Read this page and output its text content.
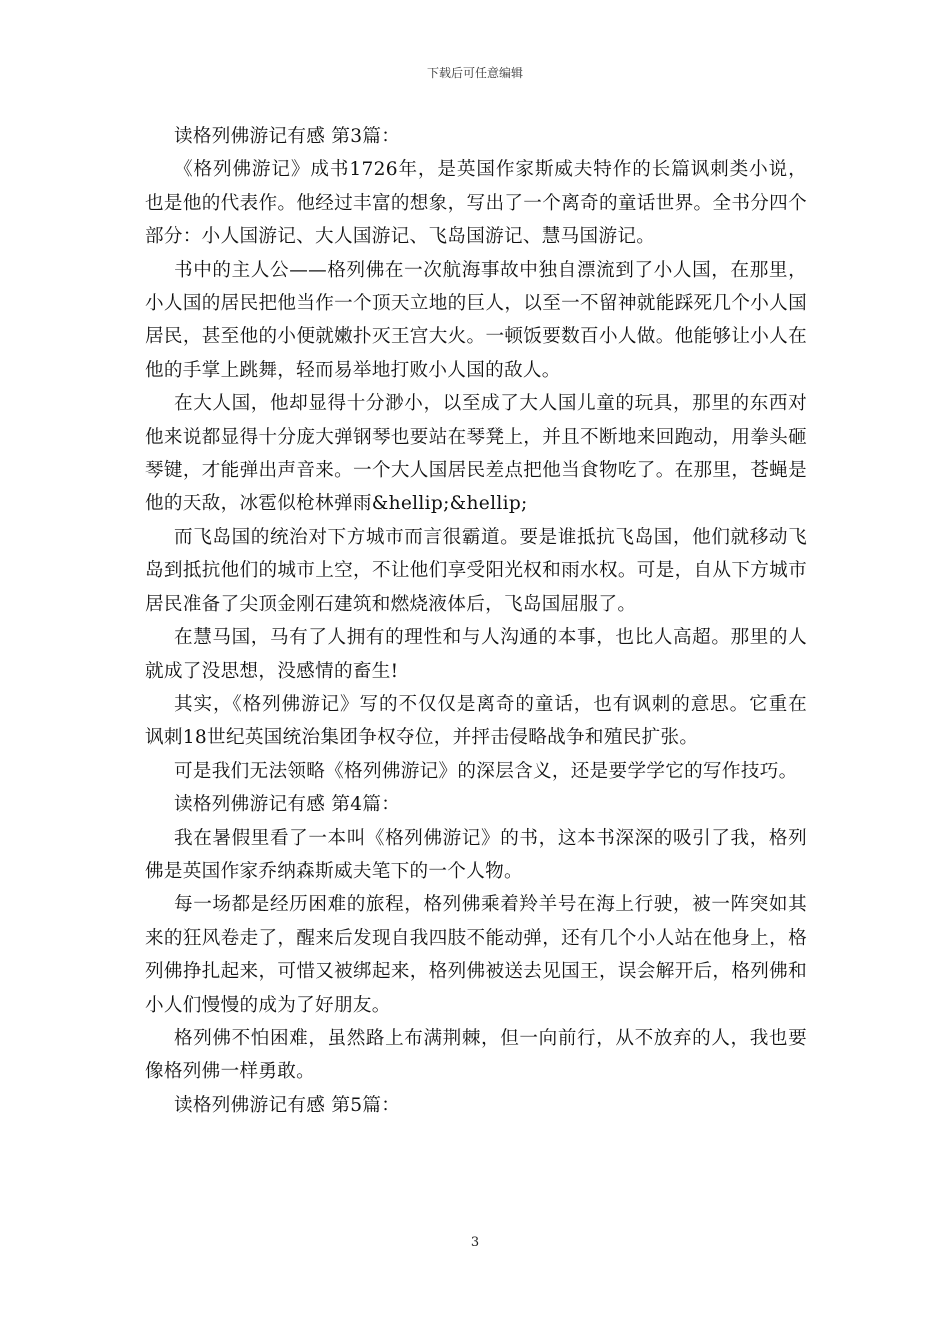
下载后可任意编辑

读格列佛游记有感 第3篇：

《格列佛游记》成书1726年，是英国作家斯威夫特作的长篇讽刺类小说，也是他的代表作。他经过丰富的想象，写出了一个离奇的童话世界。全书分四个部分：小人国游记、大人国游记、飞岛国游记、慧马国游记。

书中的主人公——格列佛在一次航海事故中独自漂流到了小人国，在那里，小人国的居民把他当作一个顶天立地的巨人，以至一不留神就能踩死几个小人国居民，甚至他的小便就嫩扑灭王宫大火。一顿饭要数百小人做。他能够让小人在他的手掌上跳舞，轻而易举地打败小人国的敌人。

在大人国，他却显得十分渺小，以至成了大人国儿童的玩具，那里的东西对他来说都显得十分庞大弹钢琴也要站在琴凳上，并且不断地来回跑动，用拳头砸琴键，才能弹出声音来。一个大人国居民差点把他当食物吃了。在那里，苍蝇是他的天敌，冰雹似枪林弹雨&hellip;&hellip;

而飞岛国的统治对下方城市而言很霸道。要是谁抵抗飞岛国，他们就移动飞岛到抵抗他们的城市上空，不让他们享受阳光权和雨水权。可是，自从下方城市居民准备了尖顶金刚石建筑和燃烧液体后，飞岛国屈服了。

在慧马国，马有了人拥有的理性和与人沟通的本事，也比人高超。那里的人就成了没思想，没感情的畜生!

其实，《格列佛游记》写的不仅仅是离奇的童话，也有讽刺的意思。它重在讽刺18世纪英国统治集团争权夺位，并抨击侵略战争和殖民扩张。

可是我们无法领略《格列佛游记》的深层含义，还是要学学它的写作技巧。

读格列佛游记有感 第4篇：

我在暑假里看了一本叫《格列佛游记》的书，这本书深深的吸引了我，格列佛是英国作家乔纳森斯威夫笔下的一个人物。

每一场都是经历困难的旅程，格列佛乘着羚羊号在海上行驶，被一阵突如其来的狂风卷走了，醒来后发现自我四肢不能动弹，还有几个小人站在他身上，格列佛挣扎起来，可惜又被绑起来，格列佛被送去见国王，误会解开后，格列佛和小人们慢慢的成为了好朋友。

格列佛不怕困难，虽然路上布满荆棘，但一向前行，从不放弃的人，我也要像格列佛一样勇敢。

读格列佛游记有感 第5篇：

3
